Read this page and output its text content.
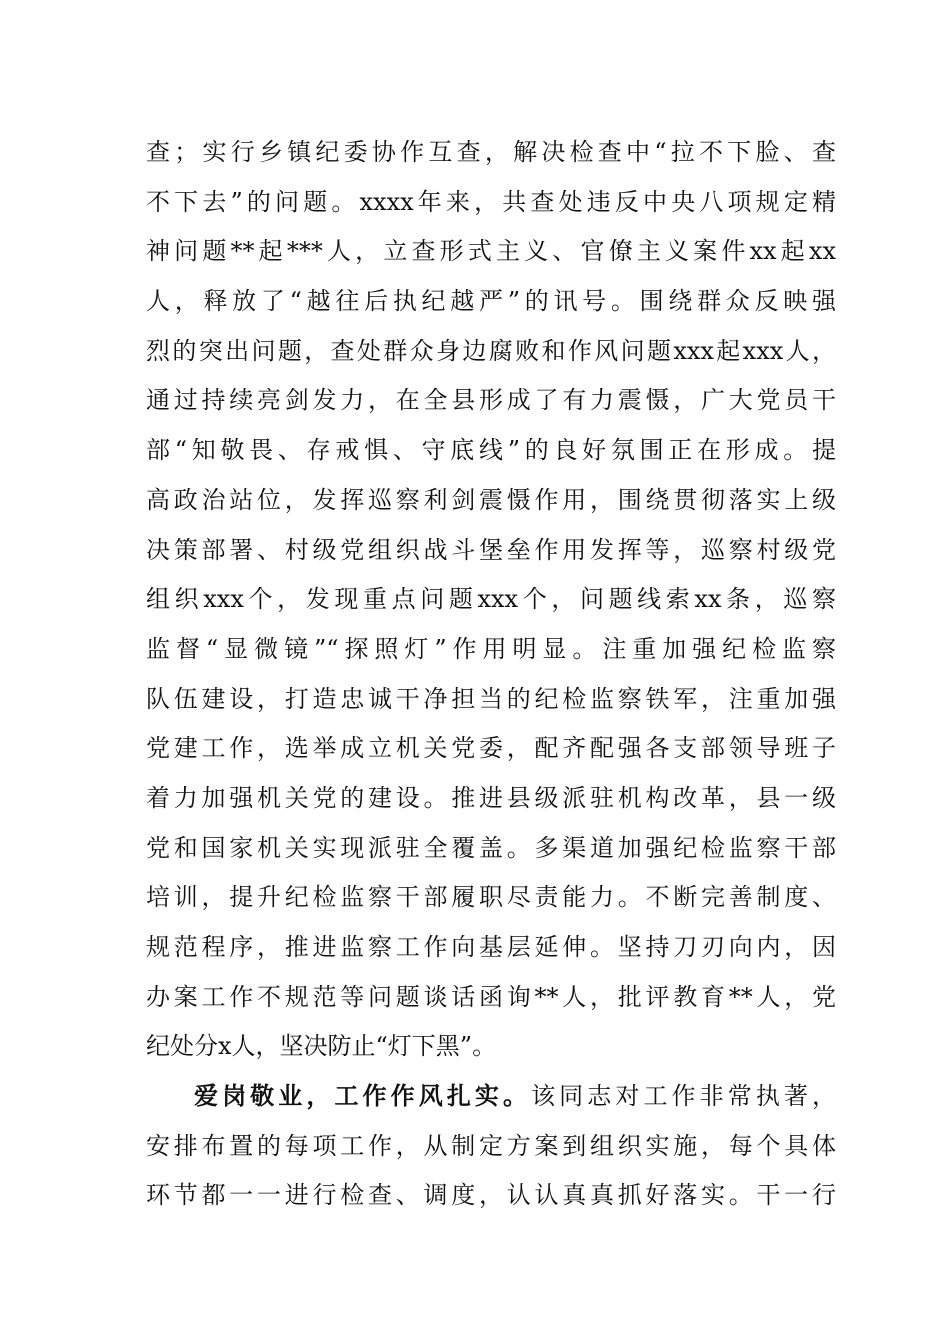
查；实行乡镇纪委协作互查，解决检查中“拉不下脸、查
不下去”的问题。xxxx年来，共查处违反中央八项规定精
神问题**起***人，立查形式主义、官僚主义案件xx起xx
人，释放了“越往后执纪越严”的讯号。围绕群众反映强
烈的突出问题，查处群众身边腐败和作风问题xxx起xxx人，
通过持续亮剑发力，在全县形成了有力震慑，广大党员干
部“知敬畏、存戒惧、守底线”的良好氛围正在形成。提
高政治站位，发挥巡察利剑震慑作用，围绕贯彻落实上级
决策部署、村级党组织战斗堡垒作用发挥等，巡察村级党
组织xxx个，发现重点问题xxx个，问题线索xx条，巡察
监督“显微镜”“探照灯”作用明显。注重加强纪检监察
队伍建设，打造忠诚干净担当的纪检监察铁军，注重加强
党建工作，选举成立机关党委，配齐配强各支部领导班子
着力加强机关党的建设。推进县级派驻机构改革，县一级
党和国家机关实现派驻全覆盖。多渠道加强纪检监察干部
培训，提升纪检监察干部履职尽责能力。不断完善制度、
规范程序，推进监察工作向基层延伸。坚持刀刃向内，因
办案工作不规范等问题谈话函询**人，批评教育**人，党
纪处分x人，坚决防止“灯下黑”。
爱岗敬业，工作作风扎实。该同志对工作非常执著，
安排布置的每项工作，从制定方案到组织实施，每个具体
环节都一一进行检查、调度，认认真真抓好落实。干一行
